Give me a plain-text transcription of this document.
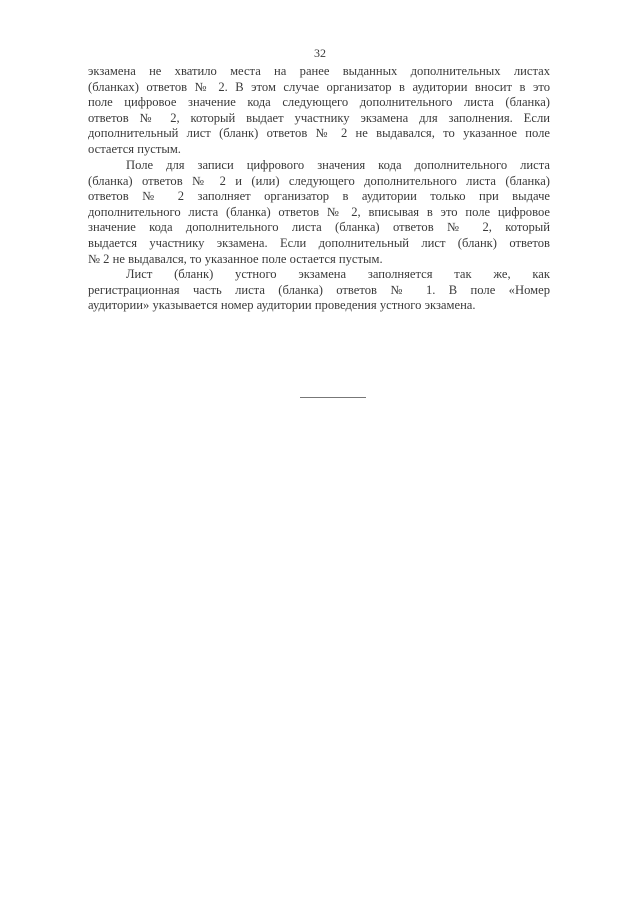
32
экзамена не хватило места на ранее выданных дополнительных листах
(бланках) ответов № 2. В этом случае организатор в аудитории вносит в это
поле цифровое значение кода следующего дополнительного листа (бланка)
ответов № 2, который выдает участнику экзамена для заполнения. Если
дополнительный лист (бланк) ответов № 2 не выдавался, то указанное поле
остается пустым.
Поле для записи цифрового значения кода дополнительного листа
(бланка) ответов № 2 и (или) следующего дополнительного листа (бланка)
ответов № 2 заполняет организатор в аудитории только при выдаче
дополнительного листа (бланка) ответов № 2, вписывая в это поле цифровое
значение кода дополнительного листа (бланка) ответов № 2, который
выдается участнику экзамена. Если дополнительный лист (бланк) ответов
№ 2 не выдавался, то указанное поле остается пустым.
Лист (бланк) устного экзамена заполняется так же, как
регистрационная часть листа (бланка) ответов № 1. В поле «Номер
аудитории» указывается номер аудитории проведения устного экзамена.
